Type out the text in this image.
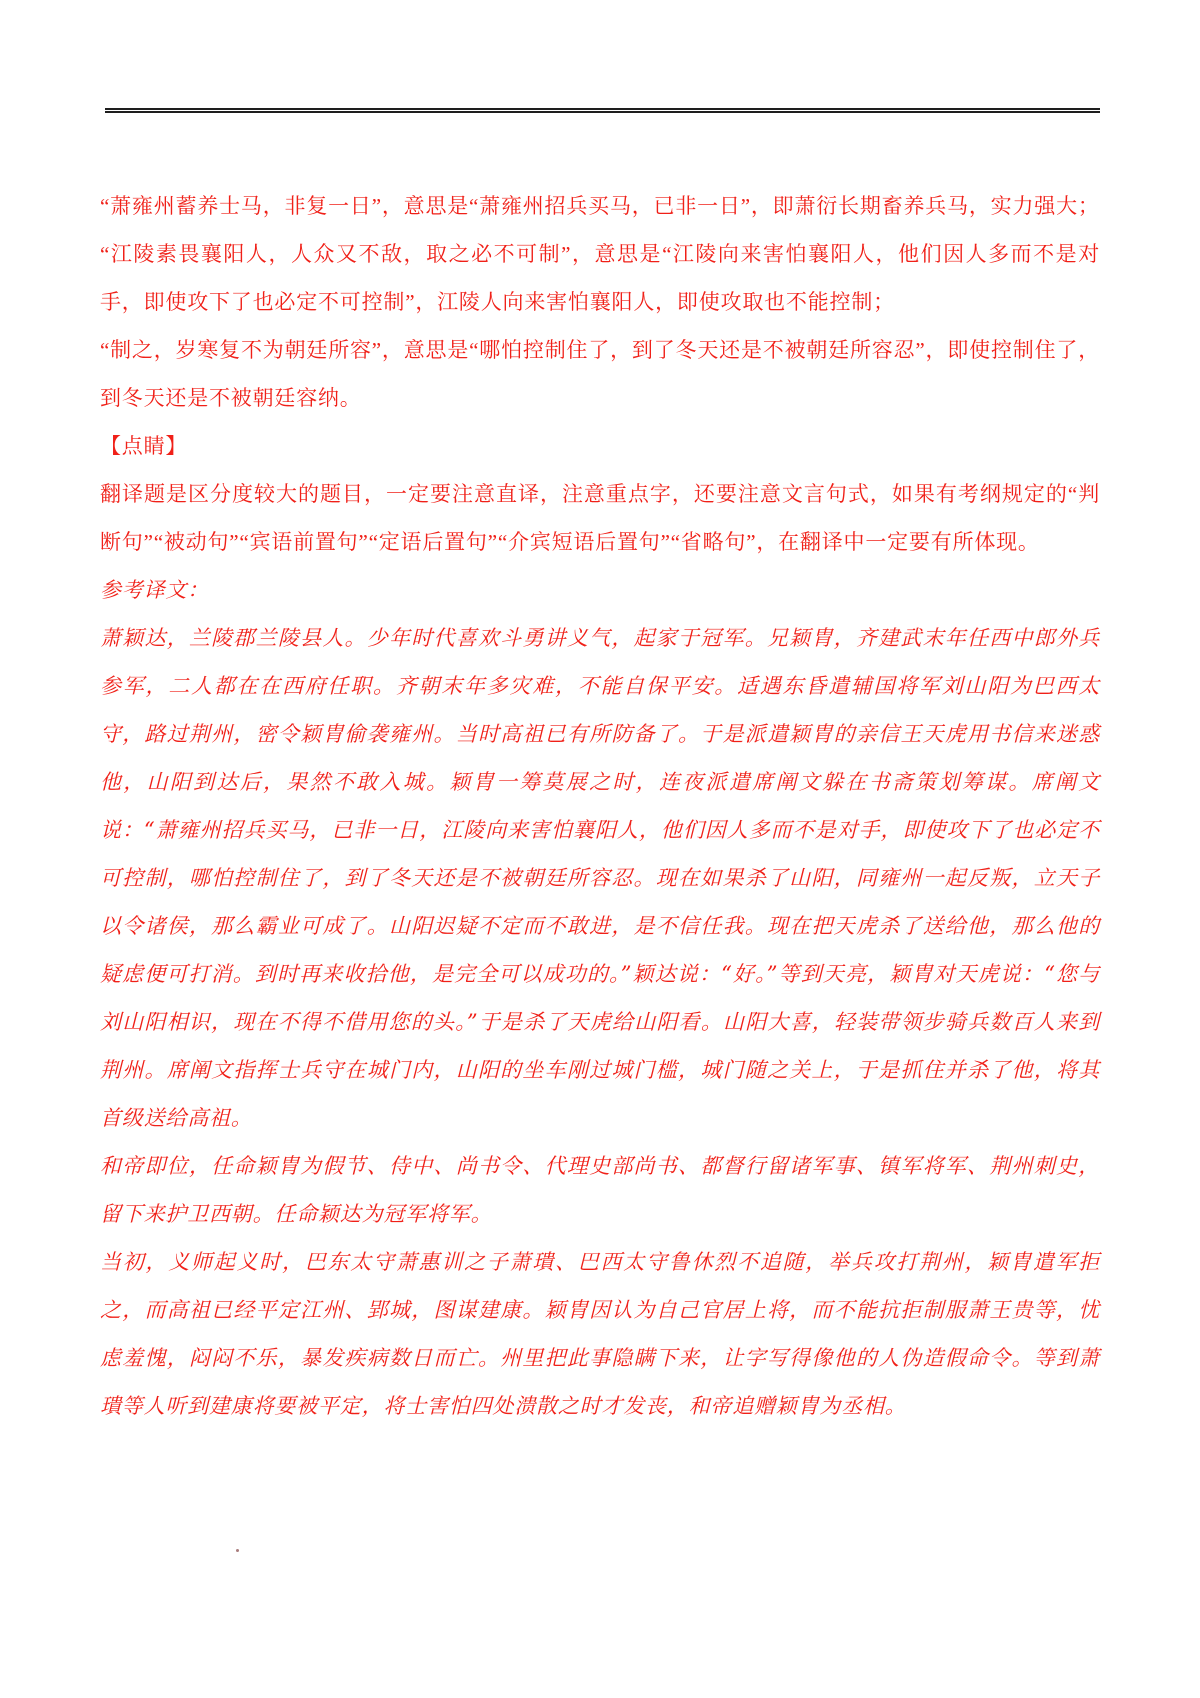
“萧雍州蓄养士马，非复一日”，意思是“萧雍州招兵买马，已非一日”，即萧衍长期畜养兵马，实力强大；

“江陵素畏襄阳人，人众又不敌，取之必不可制”，意思是“江陵向来害怕襄阳人，他们因人多而不是对手，即使攻下了也必定不可控制”，江陵人向来害怕襄阳人，即使攻取也不能控制；

“制之，岁寒复不为朝廷所容”，意思是“哪怕控制住了，到了冬天还是不被朝廷所容忍”，即使控制住了，到冬天还是不被朝廷容纳。

【点睛】

翻译题是区分度较大的题目，一定要注意直译，注意重点字，还要注意文言句式，如果有考纲规定的“判断句”“被动句”“宾语前置句”“定语后置句”“介宾短语后置句”“省略句”，在翻译中一定要有所体现。

参考译文：

萧颖达，兰陵郡兰陵县人。少年时代喜欢斗勇讲义气，起家于冠军。兄颖胄，齐建武末年任西中郎外兵参军，二人都在在西府任职。齐朝末年多灾难，不能自保平安。适遇东昏遣辅国将军刘山阳为巴西太守，路过荆州，密令颖胄偷袭雍州。当时高祖已有所防备了。于是派遣颖胄的亲信王天虎用书信来迷惑他，山阳到达后，果然不敢入城。颖胄一筹莫展之时，连夜派遣席阐文躲在书斋策划筹谋。席阐文说：“萧雍州招兵买马，已非一日，江陵向来害怕襄阳人，他们因人多而不是对手，即使攻下了也必定不可控制，哪怕控制住了，到了冬天还是不被朝廷所容忍。现在如果杀了山阳，同雍州一起反叛，立天子以令诸侯，那么霸业可成了。山阳迟疑不定而不敢进，是不信任我。现在把天虎杀了送给他，那么他的疑虑便可打消。到时再来收拾他，是完全可以成功的。”颖达说：“好。”等到天亮，颖胄对天虎说：“您与刘山阳相识，现在不得不借用您的头。”于是杀了天虎给山阳看。山阳大喜，轻装带领步骑兵数百人来到荆州。席阐文指挥士兵守在城门内，山阳的坐车刚过城门槛，城门随之关上，于是抓住并杀了他，将其首级送给高祖。

和帝即位，任命颖胄为假节、侍中、尚书令、代理史部尚书、都督行留诸军事、镇军将军、荆州刺史，留下来护卫西朝。任命颖达为冠军将军。

当初，义师起义时，巴东太守萧惠训之子萧璝、巴西太守鲁休烈不追随，举兵攻打荆州，颖胄遣军拒之，而高祖已经平定江州、郢城，图谋建康。颖胄因认为自己官居上将，而不能抗拒制服萧王贵等，忧虑羞愧，闷闷不乐，暴发疾病数日而亡。州里把此事隐瞒下来，让字写得像他的人伪造假命令。等到萧璝等人听到建康将要被平定，将士害怕四处溃散之时才发丧，和帝追赠颖胄为丞相。
